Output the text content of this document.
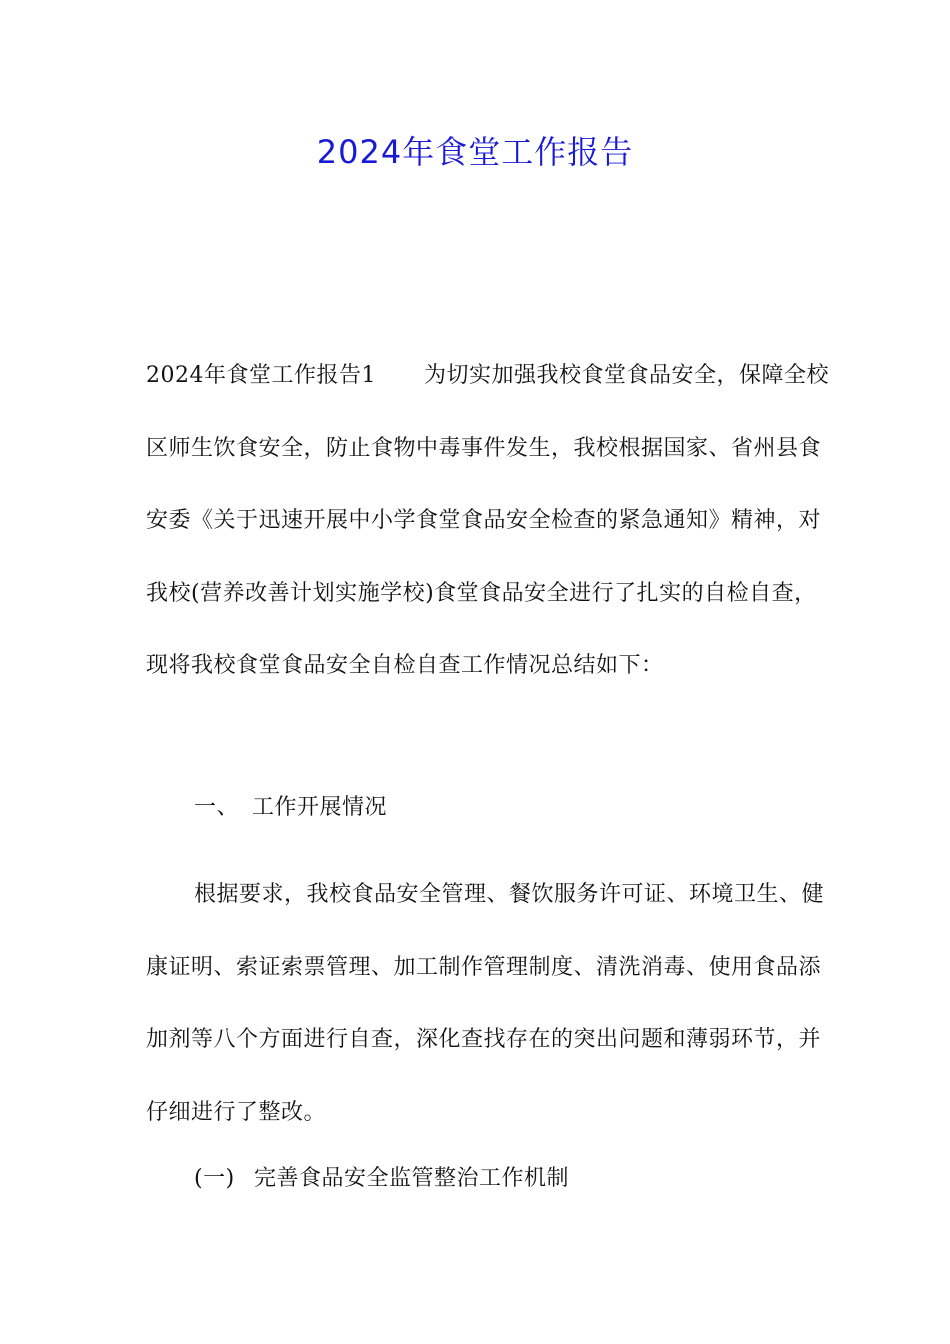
2024年食堂工作报告
2024年食堂工作报告1 为切实加强我校食堂食品安全，保障全校区师生饮食安全，防止食物中毒事件发生，我校根据国家、省州县食安委《关于迅速开展中小学食堂食品安全检查的紧急通知》精神，对我校(营养改善计划实施学校)食堂食品安全进行了扎实的自检自查，现将我校食堂食品安全自检自查工作情况总结如下：
一、 工作开展情况
根据要求，我校食品安全管理、餐饮服务许可证、环境卫生、健康证明、索证索票管理、加工制作管理制度、清洗消毒、使用食品添加剂等八个方面进行自查，深化查找存在的突出问题和薄弱环节，并仔细进行了整改。
(一) 完善食品安全监管整治工作机制
